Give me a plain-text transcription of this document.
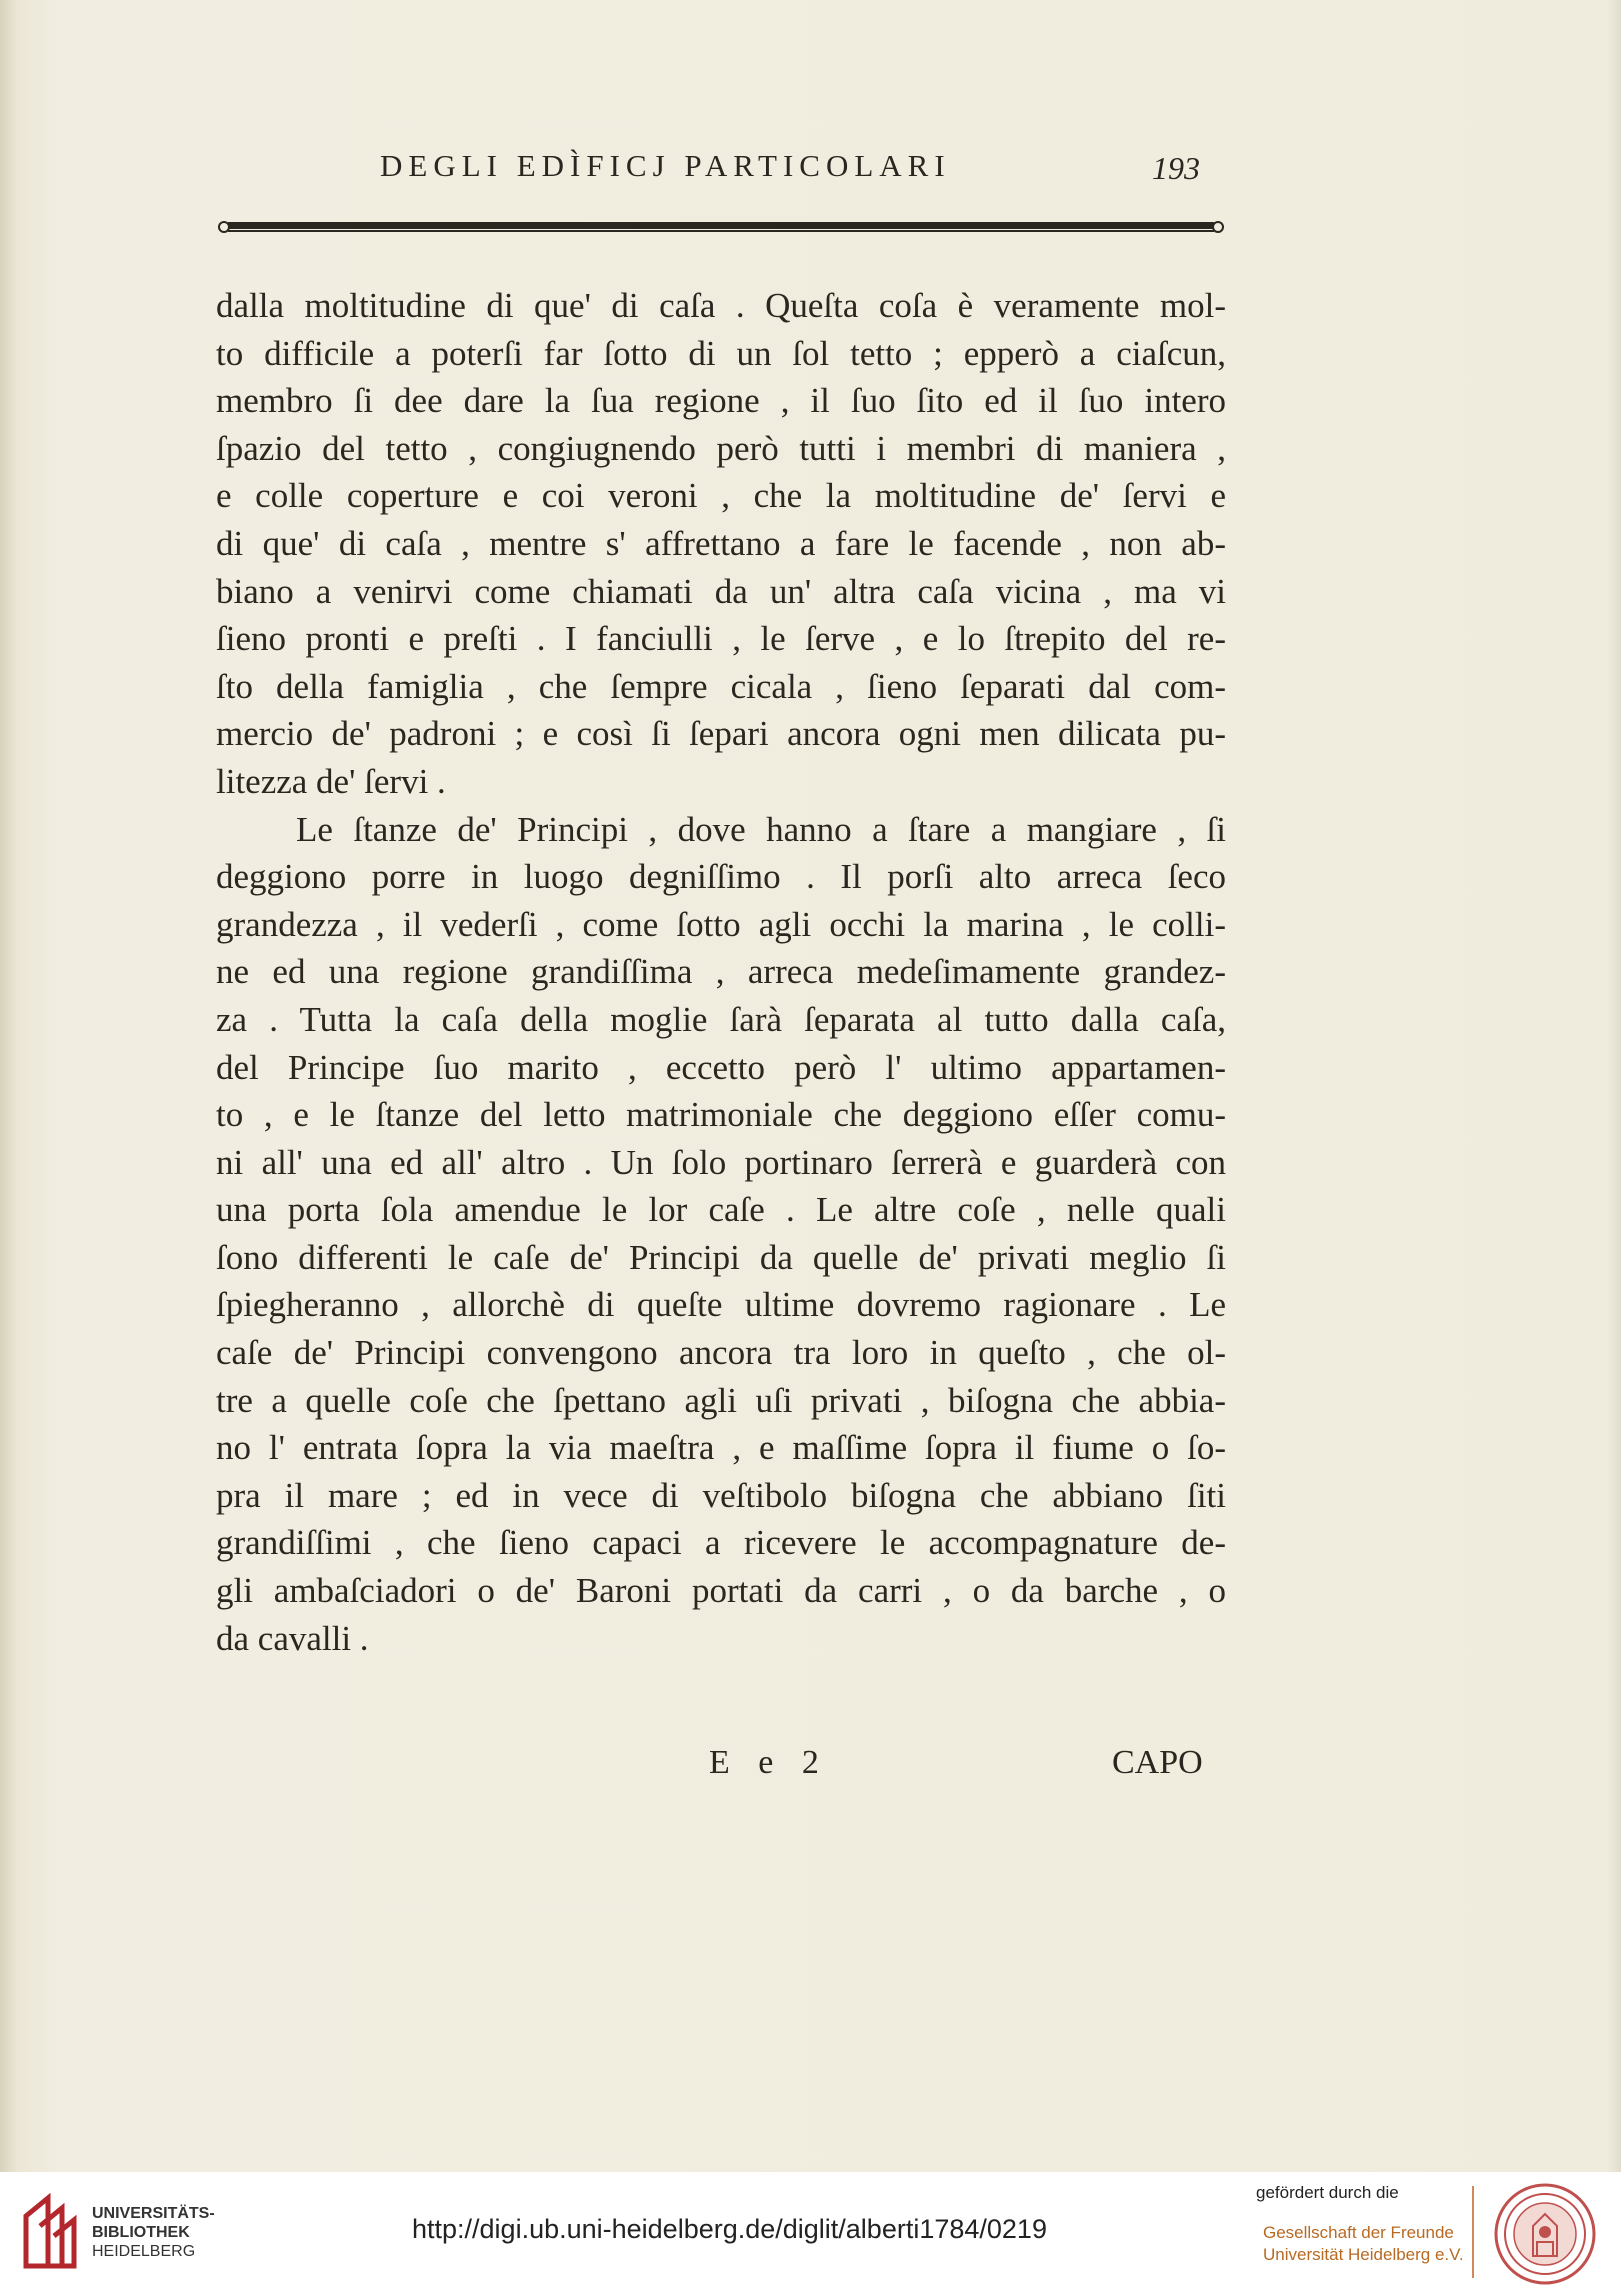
DEGLI EDÌFICJ PARTICOLARI	193
dalla moltitudine di que' di caſa . Queſta coſa è veramente mol-
to difficile a poterſi far ſotto di un ſol tetto ; epperò a ciaſcun,
membro ſi dee dare la ſua regione , il ſuo ſito ed il ſuo intero
ſpazio del tetto , congiugnendo però tutti i membri di maniera ,
e colle coperture e coi veroni , che la moltitudine de' ſervi e
di que' di caſa , mentre s' affrettano a fare le facende , non ab-
biano a venirvi come chiamati da un' altra caſa vicina , ma vi
ſieno pronti e preſti . I fanciulli , le ſerve , e lo ſtrepito del re-
ſto della famiglia , che ſempre cicala , ſieno ſeparati dal com-
mercio de' padroni ; e così ſi ſepari ancora ogni men dilicata pu-
litezza de' ſervi .
Le ſtanze de' Principi , dove hanno a ſtare a mangiare , ſi
deggiono porre in luogo degniſſimo . Il porſi alto arreca ſeco
grandezza , il vederſi , come ſotto agli occhi la marina , le colli-
ne ed una regione grandiſſima , arreca medeſimamente grandez-
za . Tutta la caſa della moglie ſarà ſeparata al tutto dalla caſa,
del Principe ſuo marito , eccetto però l' ultimo appartamen-
to , e le ſtanze del letto matrimoniale che deggiono eſſer comu-
ni all' una ed all' altro . Un ſolo portinaro ſerrerà e guarderà con
una porta ſola amendue le lor caſe . Le altre coſe , nelle quali
ſono differenti le caſe de' Principi da quelle de' privati meglio ſi
ſpiegheranno , allorchè di queſte ultime dovremo ragionare . Le
caſe de' Principi convengono ancora tra loro in queſto , che ol-
tre a quelle coſe che ſpettano agli uſi privati , biſogna che abbia-
no l' entrata ſopra la via maeſtra , e maſſime ſopra il fiume o ſo-
pra il mare ; ed in vece di veſtibolo biſogna che abbiano ſiti
grandiſſimi , che ſieno capaci a ricevere le accompagnature de-
gli ambaſciadori o de' Baroni portati da carri , o da barche , o
da cavalli .
E e 2	CAPO
UNIVERSITÄTS-
BIBLIOTHEK
HEIDELBERG
http://digi.ub.uni-heidelberg.de/diglit/alberti1784/0219
gefördert durch die
Gesellschaft der Freunde
Universität Heidelberg e.V.
